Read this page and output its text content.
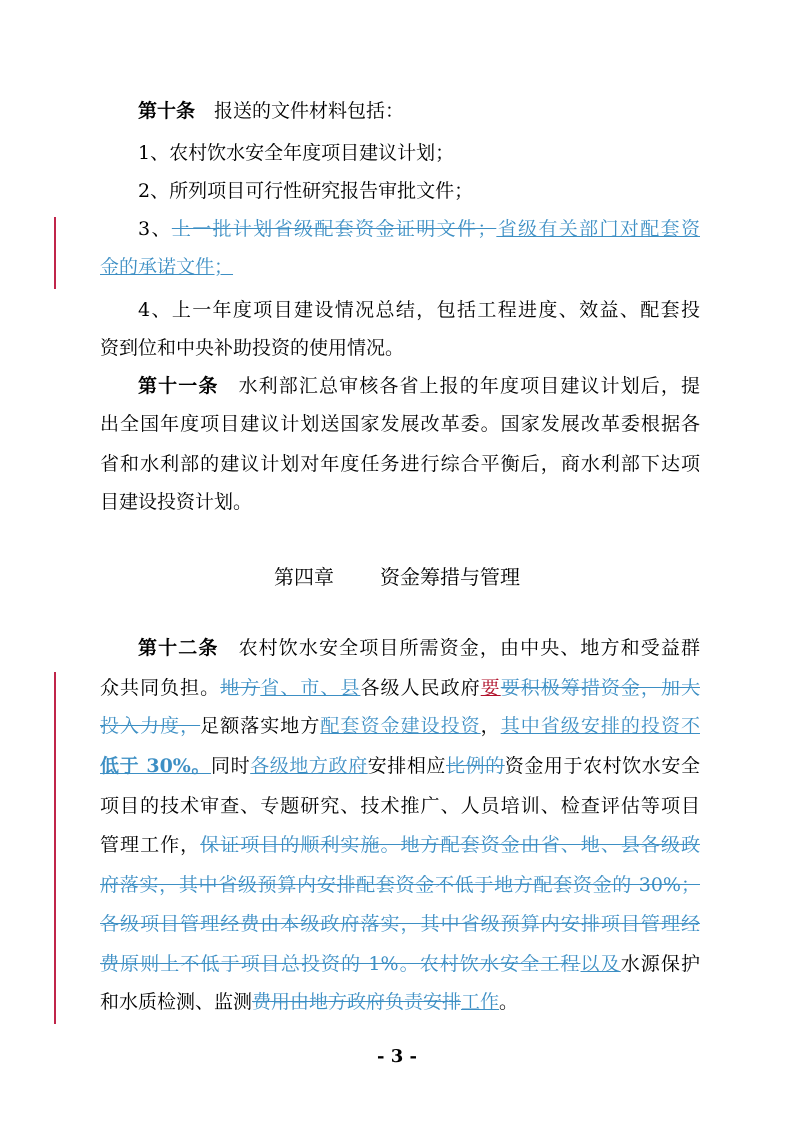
第十条 报送的文件材料包括：
1、农村饮水安全年度项目建议计划；
2、所列项目可行性研究报告审批文件；
3、上一批计划省级配套资金证明文件；省级有关部门对配套资
金的承诺文件；
4、上一年度项目建设情况总结，包括工程进度、效益、配套投
资到位和中央补助投资的使用情况。
第十一条 水利部汇总审核各省上报的年度项目建议计划后，提
出全国年度项目建议计划送国家发展改革委。国家发展改革委根据各
省和水利部的建议计划对年度任务进行综合平衡后，商水利部下达项
目建设投资计划。
第四章 资金筹措与管理
第十二条 农村饮水安全项目所需资金，由中央、地方和受益群
众共同负担。地方省、市、县各级人民政府要要积极筹措资金，加大
投入力度，足额落实地方配套资金建设投资，其中省级安排的投资不
低于 30%。同时各级地方政府安排相应比例的资金用于农村饮水安全
项目的技术审查、专题研究、技术推广、人员培训、检查评估等项目
管理工作，保证项目的顺利实施。地方配套资金由省、地、县各级政
府落实，其中省级预算内安排配套资金不低于地方配套资金的 30%；
各级项目管理经费由本级政府落实，其中省级预算内安排项目管理经
费原则上不低于项目总投资的 1%。农村饮水安全工程以及水源保护
和水质检测、监测费用由地方政府负责安排工作。
- 3 -
